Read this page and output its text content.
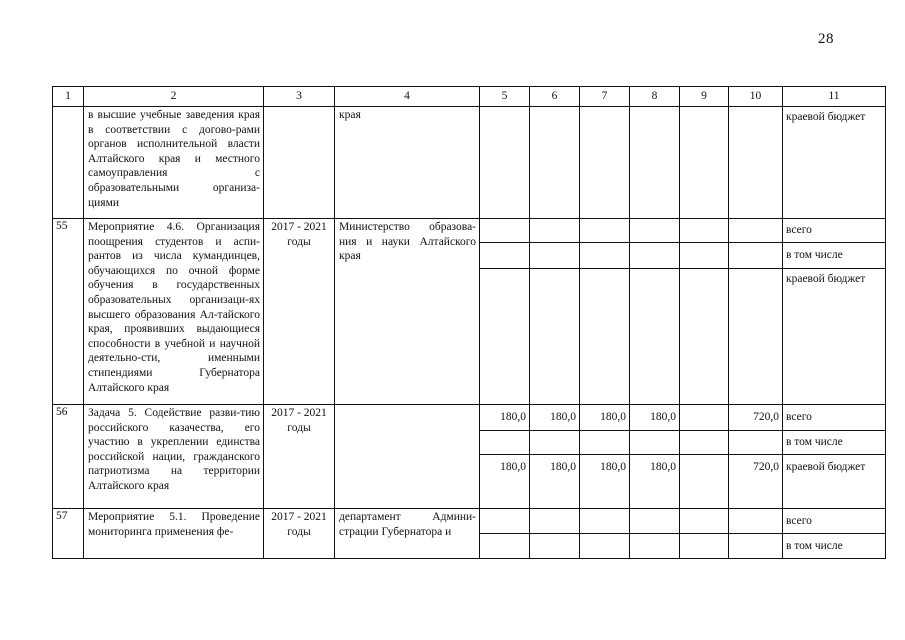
28
1	2	3	4	5	6	7	8	9	10	11
	в высшие учебные заведения края в соответствии с догово-рами органов исполнительной власти Алтайского края и местного самоуправления с образовательными организа-циями		края							краевой бюджет
55	Мероприятие 4.6. Организация поощрения студентов и аспи-рантов из числа кумандинцев, обучающихся по очной форме обучения в государственных образовательных организаци-ях высшего образования Ал-тайского края, проявивших выдающиеся способности в учебной и научной деятельно-сти, именными стипендиями Губернатора Алтайского края	2017 - 2021 годы	Министерство образова-ния и науки Алтайского края							всего
										в том числе
										краевой бюджет
56	Задача 5. Содействие разви-тию российского казачества, его участию в укреплении единства российской нации, гражданского патриотизма на территории Алтайского края	2017 - 2021 годы		180,0	180,0	180,0	180,0		720,0	всего
										в том числе
				180,0	180,0	180,0	180,0		720,0	краевой бюджет
57	Мероприятие 5.1. Проведение мониторинга применения фе-	2017 - 2021 годы	департамент Админи-страции Губернатора и							всего
										в том числе
